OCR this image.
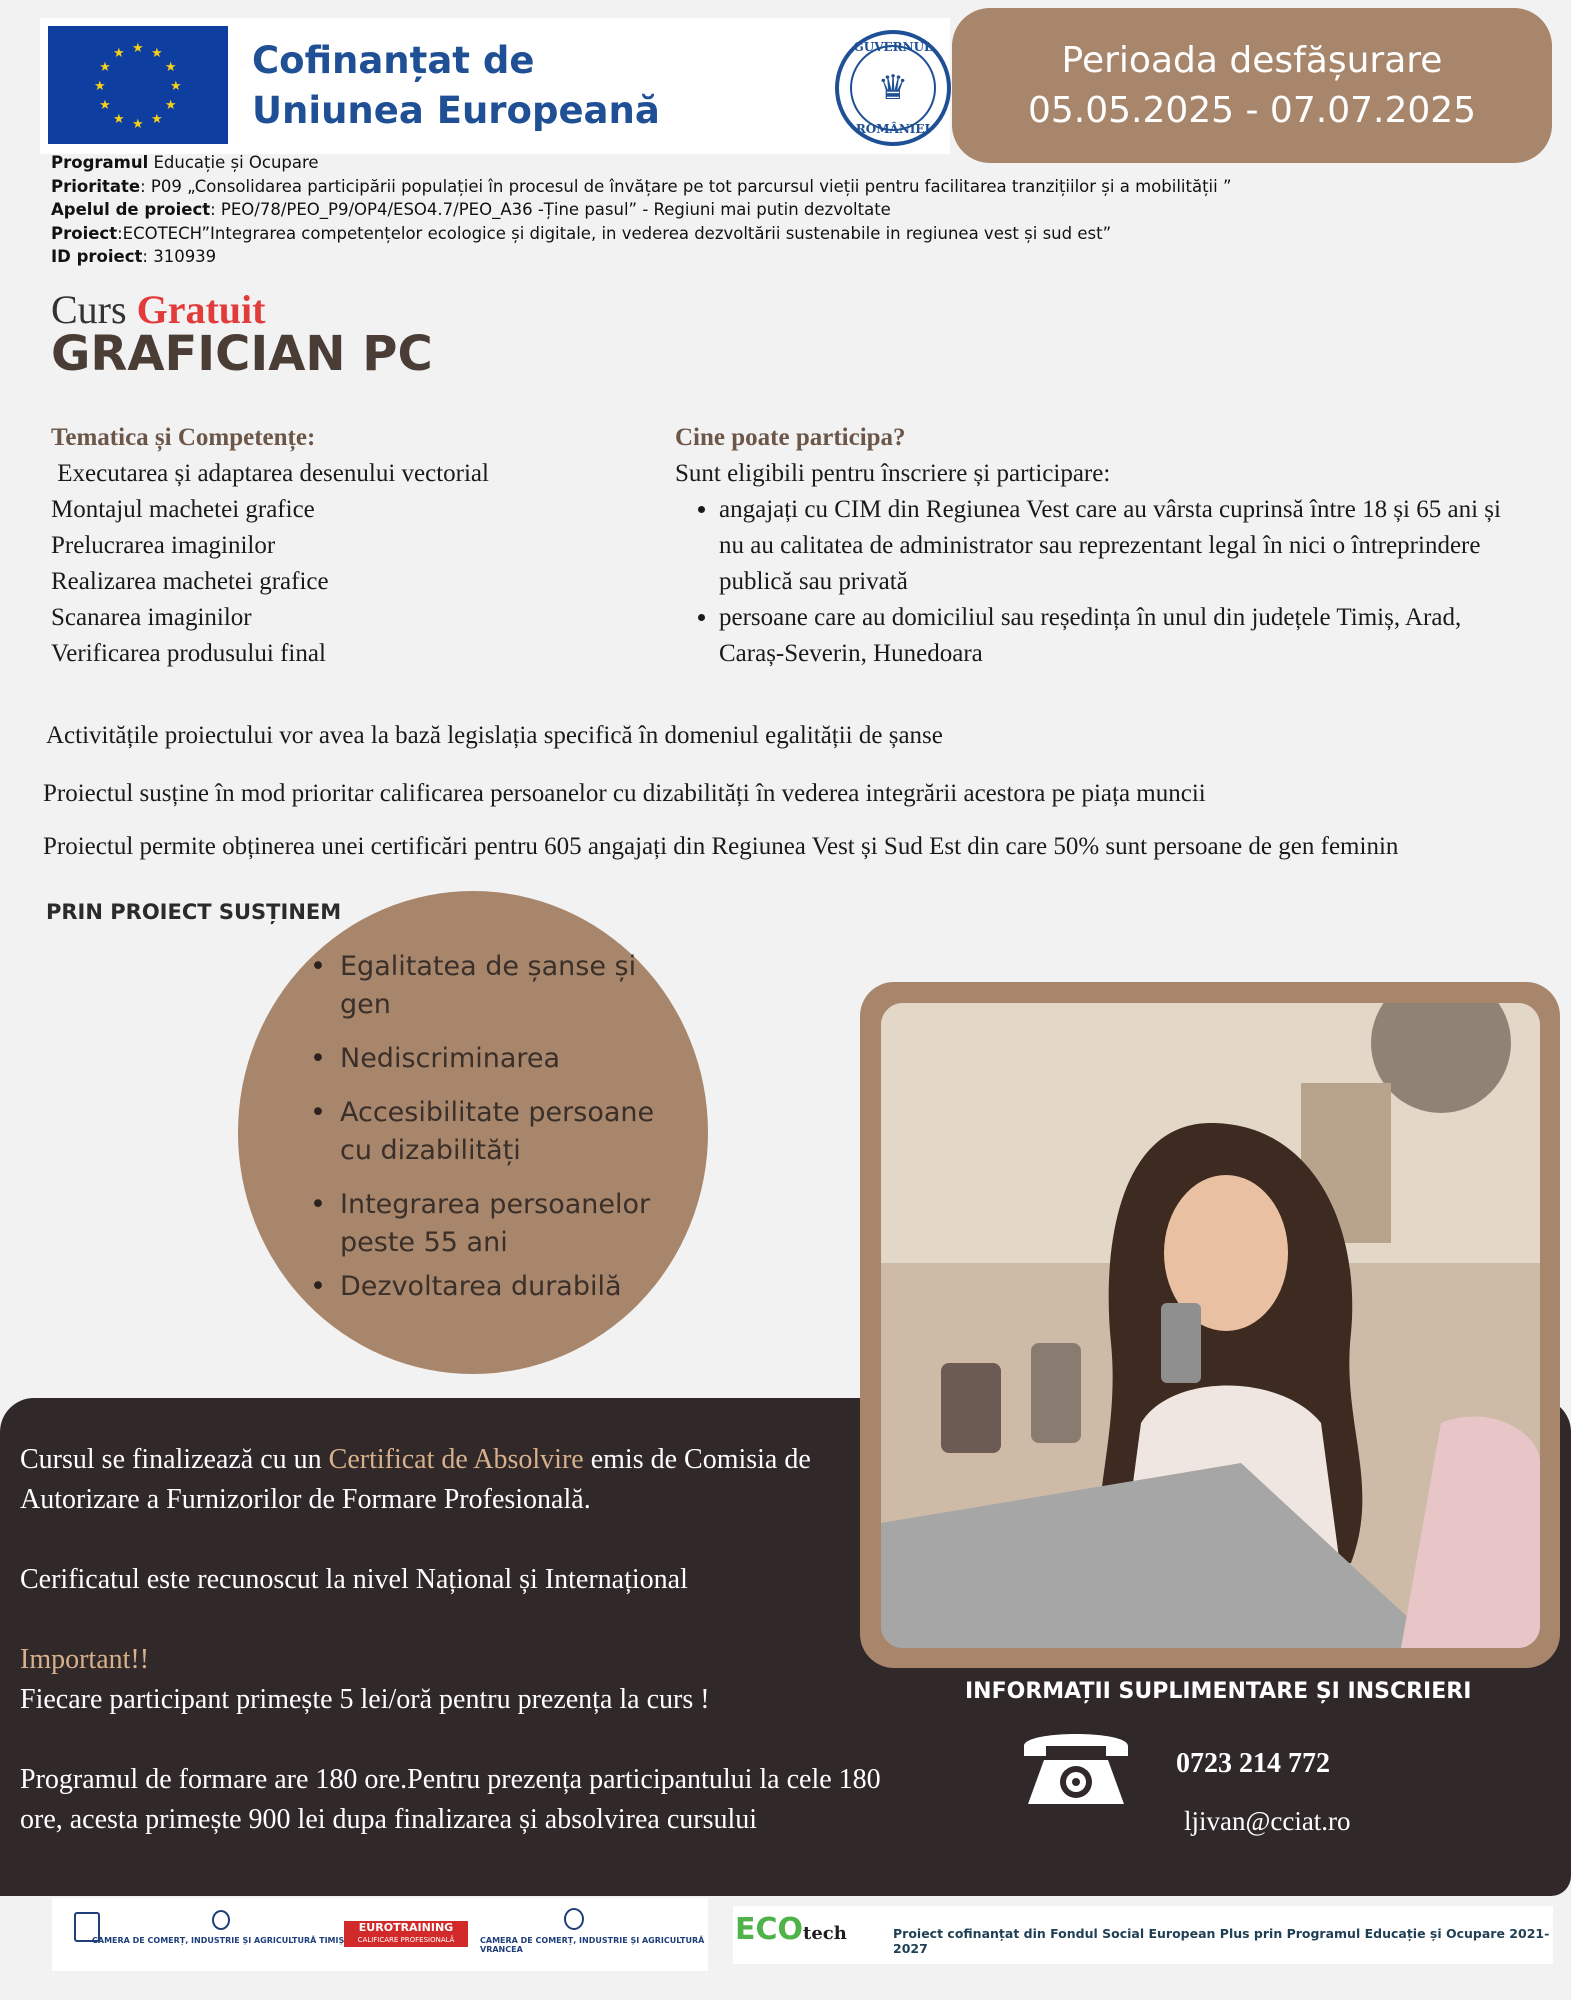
★ ★
★
★
★
★
★
★
★
★
★
★	Cofinanțat de
Uniunea Europeană
GUVERNUL
♛
ROMÂNIEI
Perioada desfășurare
05.05.2025 - 07.07.2025
Programul Educație și Ocupare
Prioritate: P09 „Consolidarea participării populației în procesul de învățare pe tot parcursul vieții pentru facilitarea tranzițiilor și a mobilității ”
Apelul de proiect: PEO/78/PEO_P9/OP4/ESO4.7/PEO_A36 -Ține pasul” - Regiuni mai putin dezvoltate
Proiect:ECOTECH”Integrarea competențelor ecologice și digitale, in vederea dezvoltării sustenabile in regiunea vest și sud est”
ID proiect: 310939
Curs Gratuit
GRAFICIAN PC
Tematica și Competențe:
Executarea și adaptarea desenului vectorial
Montajul machetei grafice
Prelucrarea imaginilor
Realizarea machetei grafice
Scanarea imaginilor
Verificarea produsului final
Cine poate participa?
Sunt eligibili pentru înscriere și participare:
• angajați cu CIM din Regiunea Vest care au vârsta cuprinsă între 18 și 65 ani și nu au calitatea de administrator sau reprezentant legal în nici o întreprindere publică sau privată
• persoane care au domiciliul sau reședința în unul din județele Timiș, Arad, Caraș-Severin, Hunedoara
Activitățile proiectului vor avea la bază legislația specifică în domeniul egalității de șanse
Proiectul susține în mod prioritar calificarea persoanelor cu dizabilități în vederea integrării acestora pe piața muncii
Proiectul permite obținerea unei certificări pentru 605 angajați din Regiunea Vest și Sud Est din care 50% sunt persoane de gen feminin
PRIN PROIECT SUSȚINEM
• Egalitatea de șanse și gen
• Nediscriminarea
• Accesibilitate persoane cu dizabilități
• Integrarea persoanelor peste 55 ani
• Dezvoltarea durabilă

Cursul se finalizează cu un Certificat de Absolvire emis de Comisia de Autorizare a Furnizorilor de Formare Profesională.

Cerificatul este recunoscut la nivel Național și Internațional

Important!!
Fiecare participant primește 5 lei/oră pentru prezența la curs !

Programul de formare are 180 ore.Pentru prezența participantului la cele 180 ore, acesta primește 900 lei dupa finalizarea și absolvirea cursului

INFORMAȚII SUPLIMENTARE ȘI INSCRIERI
0723 214 772
ljivan@cciat.ro
CAMERA DE COMERȚ, INDUSTRIE ȘI AGRICULTURĂ TIMIȘ
EUROTRAINING
CALIFICARE PROFESIONALĂ	CAMERA DE COMERȚ, INDUSTRIE ȘI AGRICULTURĂ VRANCEA
ECOtech	Proiect cofinanțat din Fondul Social European Plus prin Programul Educație și Ocupare 2021-2027
